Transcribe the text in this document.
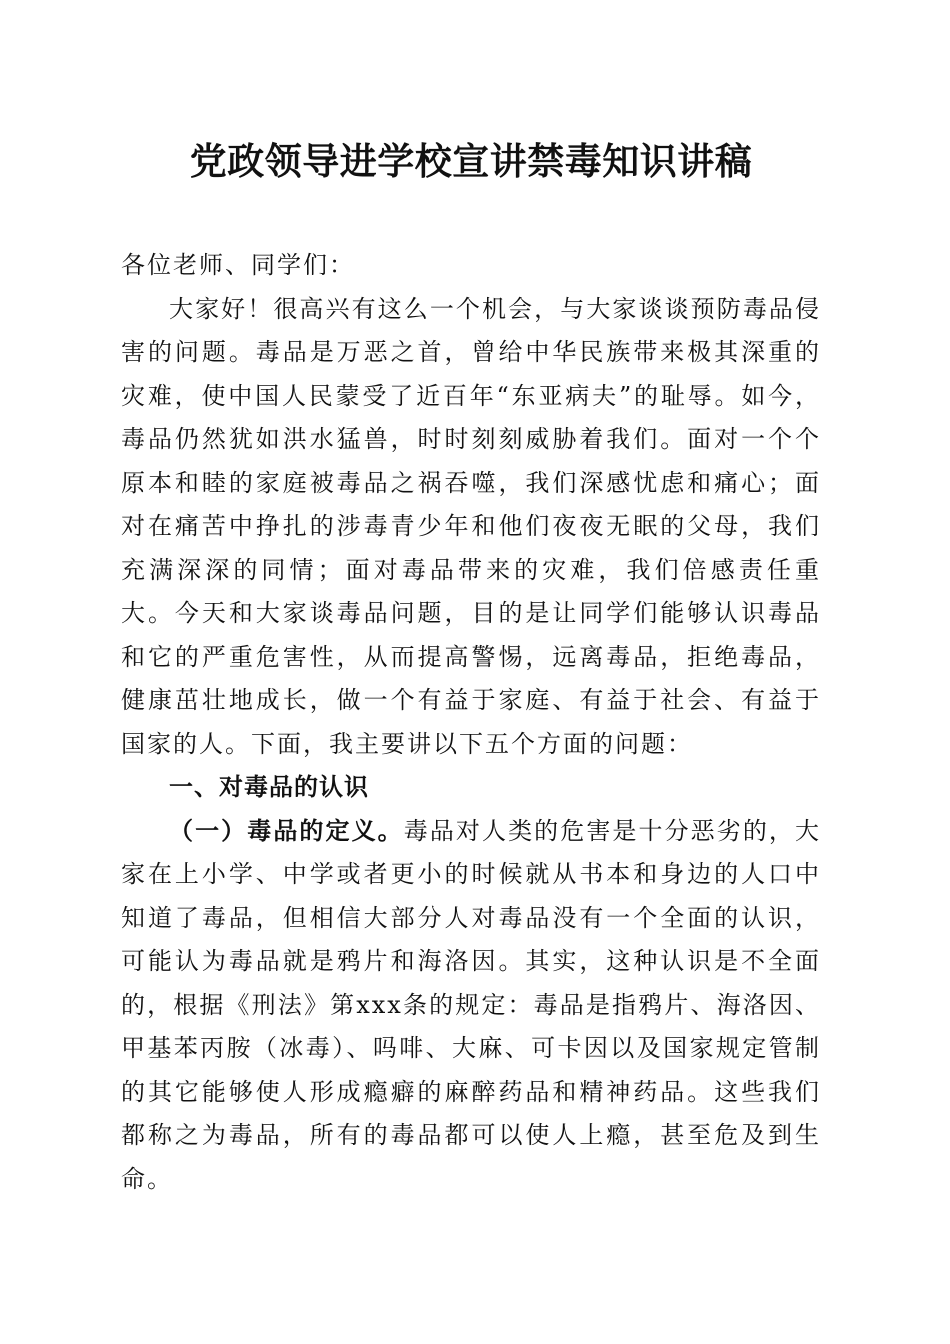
党政领导进学校宣讲禁毒知识讲稿

各位老师、同学们：

大家好！很高兴有这么一个机会，与大家谈谈预防毒品侵害的问题。毒品是万恶之首，曾给中华民族带来极其深重的灾难，使中国人民蒙受了近百年“东亚病夫”的耻辱。如今，毒品仍然犹如洪水猛兽，时时刻刻威胁着我们。面对一个个原本和睦的家庭被毒品之祸吞噬，我们深感忧虑和痛心；面对在痛苦中挣扎的涉毒青少年和他们夜夜无眠的父母，我们充满深深的同情；面对毒品带来的灾难，我们倍感责任重大。今天和大家谈毒品问题，目的是让同学们能够认识毒品和它的严重危害性，从而提高警惕，远离毒品，拒绝毒品，健康茁壮地成长，做一个有益于家庭、有益于社会、有益于国家的人。下面，我主要讲以下五个方面的问题：

一、对毒品的认识

（一）毒品的定义。毒品对人类的危害是十分恶劣的，大家在上小学、中学或者更小的时候就从书本和身边的人口中知道了毒品，但相信大部分人对毒品没有一个全面的认识，可能认为毒品就是鸦片和海洛因。其实，这种认识是不全面的，根据《刑法》第xxx条的规定：毒品是指鸦片、海洛因、甲基苯丙胺（冰毒）、吗啡、大麻、可卡因以及国家规定管制的其它能够使人形成瘾癖的麻醉药品和精神药品。这些我们都称之为毒品，所有的毒品都可以使人上瘾，甚至危及到生命。
